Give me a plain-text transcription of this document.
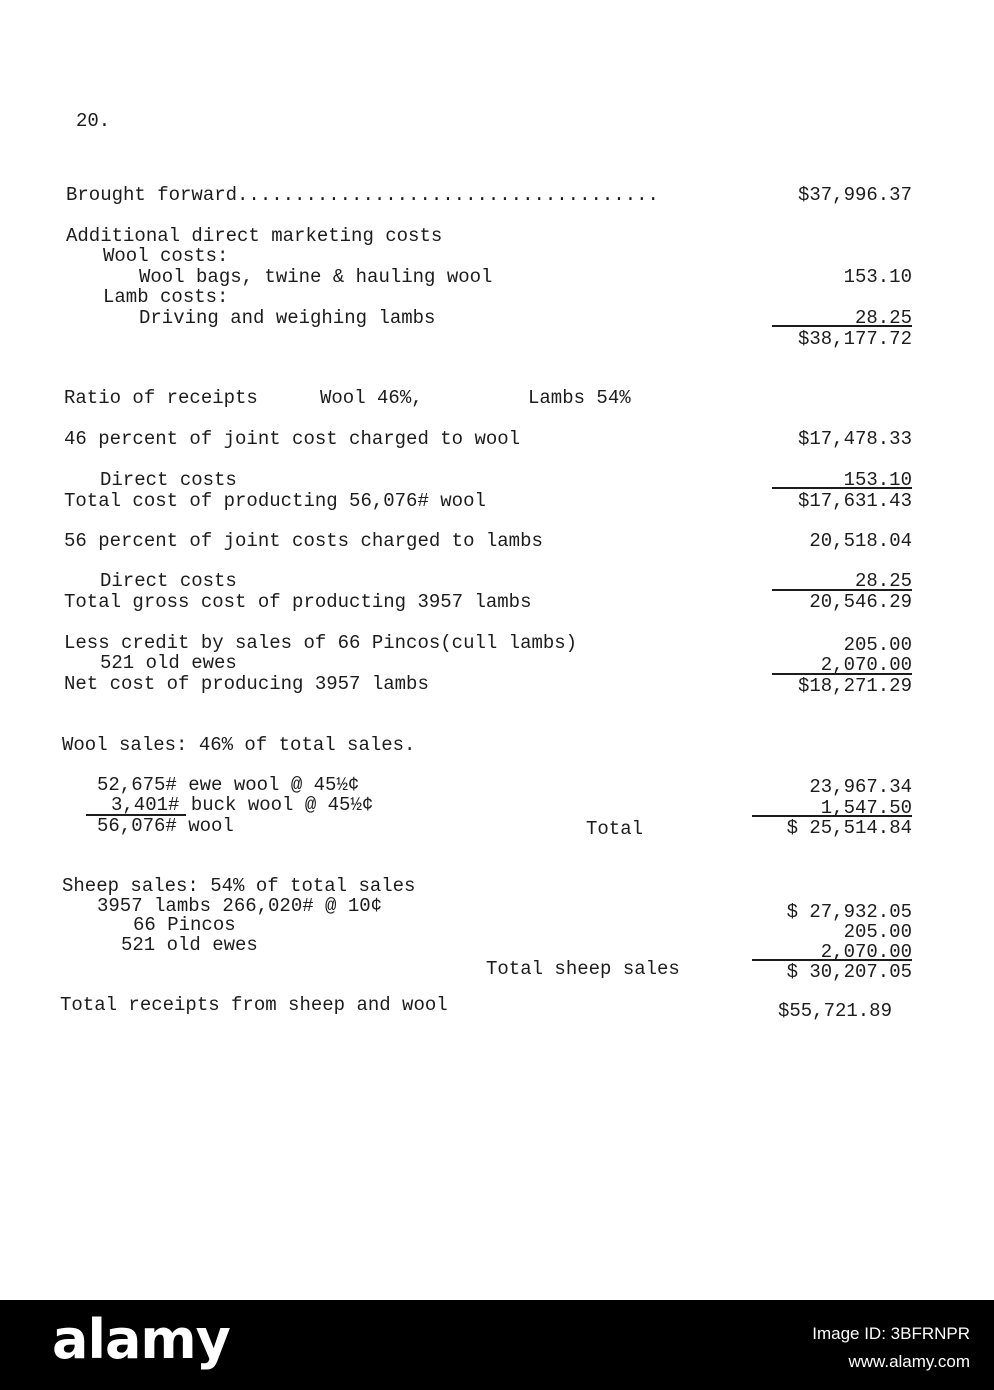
20.
Brought forward.....................................	$37,996.37
Additional direct marketing costs
Wool costs:
Wool bags, twine & hauling wool	153.10
Lamb costs:
Driving and weighing lambs	28.25
$38,177.72
Ratio of receipts	Wool 46%,	Lambs 54%
46 percent of joint cost charged to wool	$17,478.33
Direct costs	153.10
Total cost of producting 56,076# wool	$17,631.43
56 percent of joint costs charged to lambs	20,518.04
Direct costs	28.25
Total gross cost of producting 3957 lambs	20,546.29
Less credit by sales of 66 Pincos(cull lambs)	205.00
521 old ewes	2,070.00
Net cost of producing 3957 lambs	$18,271.29
Wool sales: 46% of total sales.
52,675# ewe wool @ 45½¢	23,967.34
3,401# buck wool @ 45½¢	1,547.50
56,076# wool	Total	$ 25,514.84
Sheep sales: 54% of total sales
3957 lambs 266,020# @ 10¢	$ 27,932.05
66 Pincos	205.00
521 old ewes	2,070.00
Total sheep sales	$ 30,207.05
Total receipts from sheep and wool	$55,721.89
alamy	Image ID: 3BFRNPR
www.alamy.com
